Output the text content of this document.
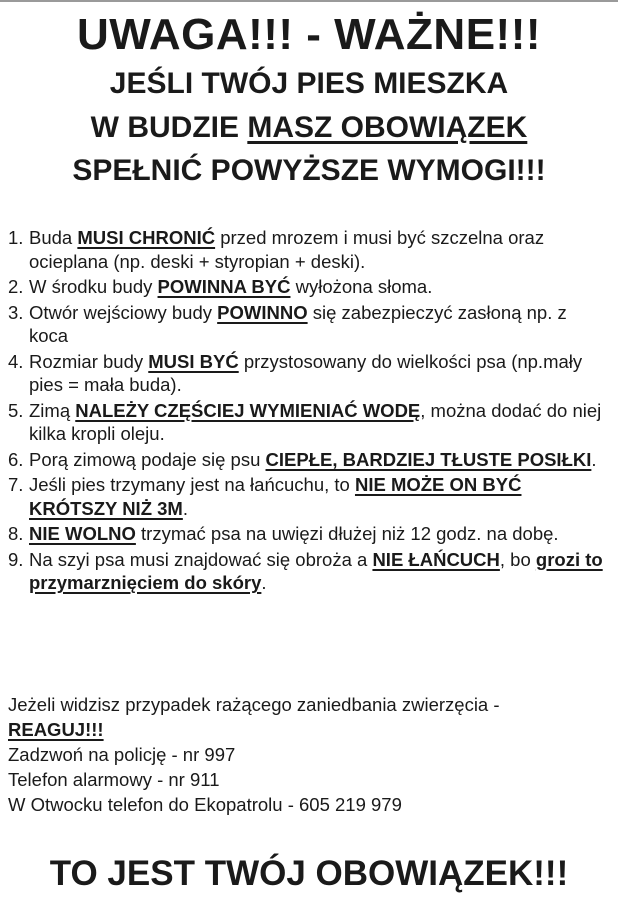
UWAGA!!! - WAŻNE!!!
JEŚLI TWÓJ PIES MIESZKA
W BUDZIE MASZ OBOWIĄZEK
SPEŁNIĆ POWYŻSZE WYMOGI!!!
1. Buda MUSI CHRONIĆ przed mrozem i musi być szczelna oraz ocieplana (np. deski + styropian + deski).
2. W środku budy POWINNA BYĆ wyłożona słoma.
3. Otwór wejściowy budy POWINNO się zabezpieczyć zasłoną np. z koca
4. Rozmiar budy MUSI BYĆ przystosowany do wielkości psa (np.mały pies = mała buda).
5. Zimą NALEŻY CZĘŚCIEJ WYMIENIAĆ WODĘ, można dodać do niej kilka kropli oleju.
6. Porą zimową podaje się psu CIEPŁE, BARDZIEJ TŁUSTE POSIŁKI.
7. Jeśli pies trzymany jest na łańcuchu, to NIE MOŻE ON BYĆ KRÓTSZY NIŻ 3M.
8. NIE WOLNO trzymać psa na uwięzi dłużej niż 12 godz. na dobę.
9. Na szyi psa musi znajdować się obroża a NIE ŁAŃCUCH, bo grozi to przymarznięciem do skóry.
Jeżeli widzisz przypadek rażącego zaniedbania zwierzęcia -
REAGUJ!!!
Zadzwoń na policję - nr 997
Telefon alarmowy - nr 911
W Otwocku telefon do Ekopatrolu - 605 219 979
TO JEST TWÓJ OBOWIĄZEK!!!
